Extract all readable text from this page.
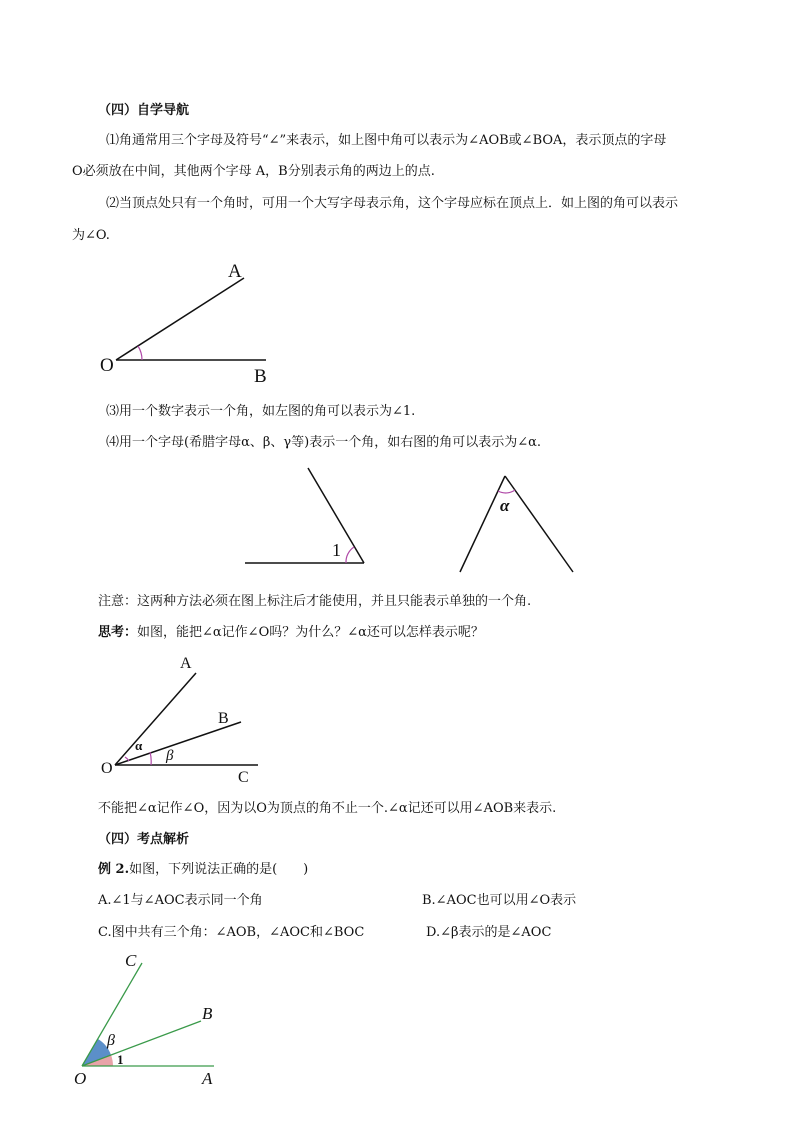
（四）自学导航
⑴角通常用三个字母及符号“∠”来表示，如上图中角可以表示为∠AOB或∠BOA，表示顶点的字母
O必须放在中间，其他两个字母 A，B分别表示角的两边上的点.
⑵当顶点处只有一个角时，可用一个大写字母表示角，这个字母应标在顶点上．如上图的角可以表示
为∠O.
O
A
B
⑶用一个数字表示一个角，如左图的角可以表示为∠1.
⑷用一个字母(希腊字母α、β、γ等)表示一个角，如右图的角可以表示为∠α.
1
α
注意：这两种方法必须在图上标注后才能使用，并且只能表示单独的一个角.
思考：如图，能把∠α记作∠O吗？为什么？∠α还可以怎样表示呢？
A
B
C
O
α
β
不能把∠α记作∠O，因为以O为顶点的角不止一个.∠α记还可以用∠AOB来表示.
（四）考点解析
例 2.如图，下列说法正确的是(　　)
A.∠1与∠AOC表示同一个角	B.∠AOC也可以用∠O表示
C.图中共有三个角：∠AOB，∠AOC和∠BOC	D.∠β表示的是∠AOC
C
B
A
O
β
1
